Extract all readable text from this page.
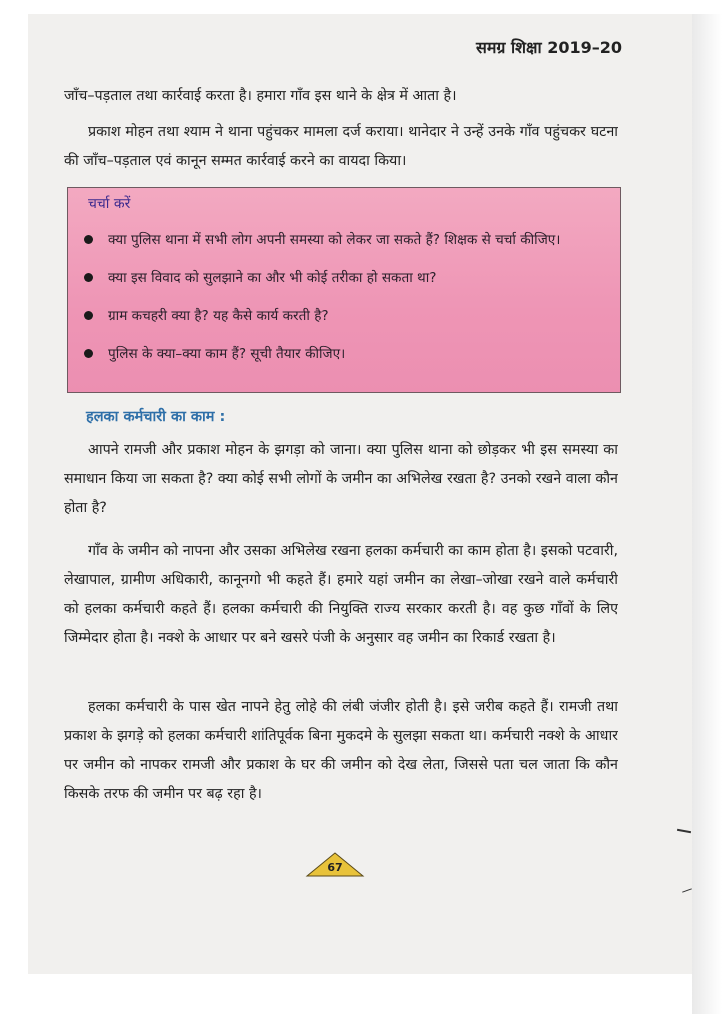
समग्र शिक्षा 2019–20

जाँच–पड़ताल तथा कार्रवाई करता है। हमारा गाँव इस थाने के क्षेत्र में आता है।

प्रकाश मोहन तथा श्याम ने थाना पहुंचकर मामला दर्ज कराया। थानेदार ने उन्हें उनके गाँव पहुंचकर घटना की जाँच–पड़ताल एवं कानून सम्मत कार्रवाई करने का वायदा किया।

चर्चा करें
क्या पुलिस थाना में सभी लोग अपनी समस्या को लेकर जा सकते हैं? शिक्षक से चर्चा कीजिए।
क्या इस विवाद को सुलझाने का और भी कोई तरीका हो सकता था?
ग्राम कचहरी क्या है? यह कैसे कार्य करती है?
पुलिस के क्या–क्या काम हैं? सूची तैयार कीजिए।
हलका कर्मचारी का काम :

आपने रामजी और प्रकाश मोहन के झगड़ा को जाना। क्या पुलिस थाना को छोड़कर भी इस समस्या का समाधान किया जा सकता है? क्या कोई सभी लोगों के जमीन का अभिलेख रखता है? उनको रखने वाला कौन होता है?

गाँव के जमीन को नापना और उसका अभिलेख रखना हलका कर्मचारी का काम होता है। इसको पटवारी, लेखापाल, ग्रामीण अधिकारी, कानूनगो भी कहते हैं। हमारे यहां जमीन का लेखा–जोखा रखने वाले कर्मचारी को हलका कर्मचारी कहते हैं। हलका कर्मचारी की नियुक्ति राज्य सरकार करती है। वह कुछ गाँवों के लिए जिम्मेदार होता है। नक्शे के आधार पर बने खसरे पंजी के अनुसार वह जमीन का रिकार्ड रखता है।

हलका कर्मचारी के पास खेत नापने हेतु लोहे की लंबी जंजीर होती है। इसे जरीब कहते हैं। रामजी तथा प्रकाश के झगड़े को हलका कर्मचारी शांतिपूर्वक बिना मुकदमे के सुलझा सकता था। कर्मचारी नक्शे के आधार पर जमीन को नापकर रामजी और प्रकाश के घर की जमीन को देख लेता, जिससे पता चल जाता कि कौन किसके तरफ की जमीन पर बढ़ रहा है।

67
